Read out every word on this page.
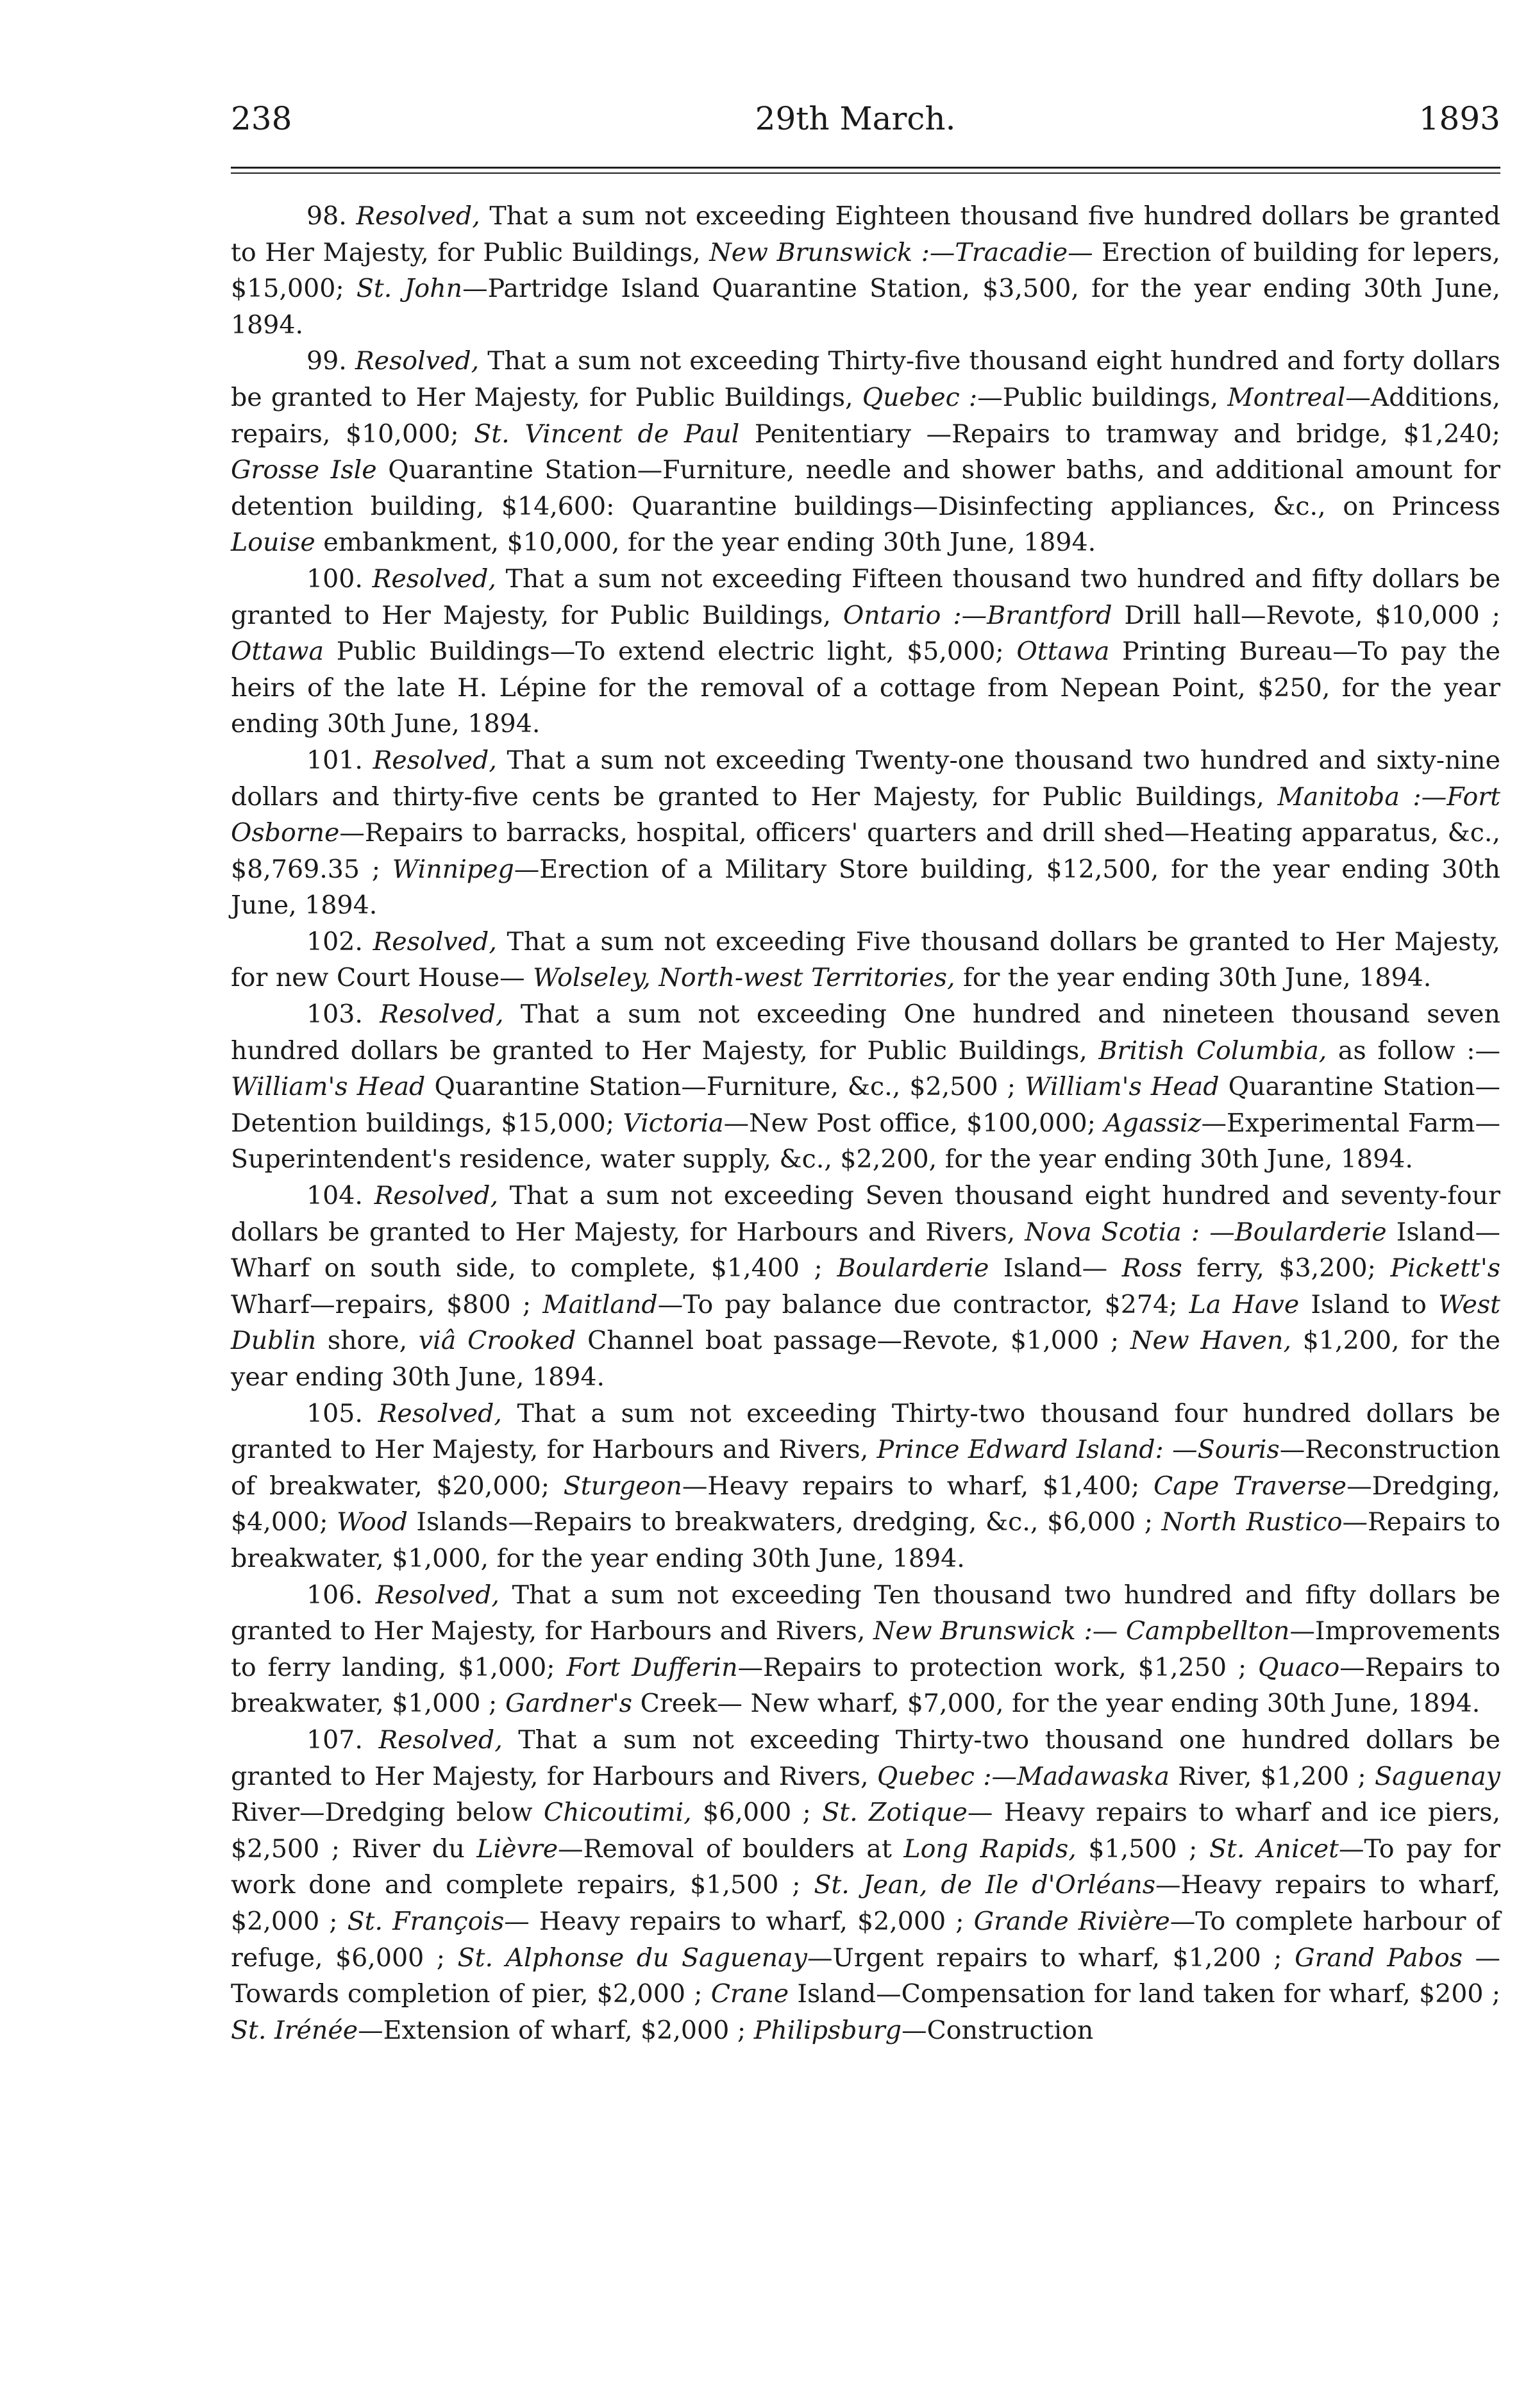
238	29th March.	1893

98. Resolved, That a sum not exceeding Eighteen thousand five hundred dollars be granted to Her Majesty, for Public Buildings, New Brunswick :—Tracadie— Erection of building for lepers, $15,000; St. John—Partridge Island Quarantine Station, $3,500, for the year ending 30th June, 1894.

99. Resolved, That a sum not exceeding Thirty-five thousand eight hundred and forty dollars be granted to Her Majesty, for Public Buildings, Quebec :—Public buildings, Montreal—Additions, repairs, $10,000; St. Vincent de Paul Penitentiary —Repairs to tramway and bridge, $1,240; Grosse Isle Quarantine Station—Furniture, needle and shower baths, and additional amount for detention building, $14,600: Quarantine buildings—Disinfecting appliances, &c., on Princess Louise embankment, $10,000, for the year ending 30th June, 1894.

100. Resolved, That a sum not exceeding Fifteen thousand two hundred and fifty dollars be granted to Her Majesty, for Public Buildings, Ontario :—Brantford Drill hall—Revote, $10,000 ; Ottawa Public Buildings—To extend electric light, $5,000; Ottawa Printing Bureau—To pay the heirs of the late H. Lépine for the removal of a cottage from Nepean Point, $250, for the year ending 30th June, 1894.

101. Resolved, That a sum not exceeding Twenty-one thousand two hundred and sixty-nine dollars and thirty-five cents be granted to Her Majesty, for Public Buildings, Manitoba :—Fort Osborne—Repairs to barracks, hospital, officers' quarters and drill shed—Heating apparatus, &c., $8,769.35 ; Winnipeg—Erection of a Military Store building, $12,500, for the year ending 30th June, 1894.

102. Resolved, That a sum not exceeding Five thousand dollars be granted to Her Majesty, for new Court House— Wolseley, North-west Territories, for the year ending 30th June, 1894.

103. Resolved, That a sum not exceeding One hundred and nineteen thousand seven hundred dollars be granted to Her Majesty, for Public Buildings, British Columbia, as follow :— William's Head Quarantine Station—Furniture, &c., $2,500 ; William's Head Quarantine Station—Detention buildings, $15,000; Victoria—New Post office, $100,000; Agassiz—Experimental Farm—Superintendent's residence, water supply, &c., $2,200, for the year ending 30th June, 1894.

104. Resolved, That a sum not exceeding Seven thousand eight hundred and seventy-four dollars be granted to Her Majesty, for Harbours and Rivers, Nova Scotia : —Boularderie Island—Wharf on south side, to complete, $1,400 ; Boularderie Island— Ross ferry, $3,200; Pickett's Wharf—repairs, $800 ; Maitland—To pay balance due contractor, $274; La Have Island to West Dublin shore, viâ Crooked Channel boat passage—Revote, $1,000 ; New Haven, $1,200, for the year ending 30th June, 1894.

105. Resolved, That a sum not exceeding Thirty-two thousand four hundred dollars be granted to Her Majesty, for Harbours and Rivers, Prince Edward Island: —Souris—Reconstruction of breakwater, $20,000; Sturgeon—Heavy repairs to wharf, $1,400; Cape Traverse—Dredging, $4,000; Wood Islands—Repairs to breakwaters, dredging, &c., $6,000 ; North Rustico—Repairs to breakwater, $1,000, for the year ending 30th June, 1894.

106. Resolved, That a sum not exceeding Ten thousand two hundred and fifty dollars be granted to Her Majesty, for Harbours and Rivers, New Brunswick :— Campbellton—Improvements to ferry landing, $1,000; Fort Dufferin—Repairs to protection work, $1,250 ; Quaco—Repairs to breakwater, $1,000 ; Gardner's Creek— New wharf, $7,000, for the year ending 30th June, 1894.

107. Resolved, That a sum not exceeding Thirty-two thousand one hundred dollars be granted to Her Majesty, for Harbours and Rivers, Quebec :—Madawaska River, $1,200 ; Saguenay River—Dredging below Chicoutimi, $6,000 ; St. Zotique— Heavy repairs to wharf and ice piers, $2,500 ; River du Lièvre—Removal of boulders at Long Rapids, $1,500 ; St. Anicet—To pay for work done and complete repairs, $1,500 ; St. Jean, de Ile d'Orléans—Heavy repairs to wharf, $2,000 ; St. François— Heavy repairs to wharf, $2,000 ; Grande Rivière—To complete harbour of refuge, $6,000 ; St. Alphonse du Saguenay—Urgent repairs to wharf, $1,200 ; Grand Pabos —Towards completion of pier, $2,000 ; Crane Island—Compensation for land taken for wharf, $200 ; St. Irénée—Extension of wharf, $2,000 ; Philipsburg—Construction
